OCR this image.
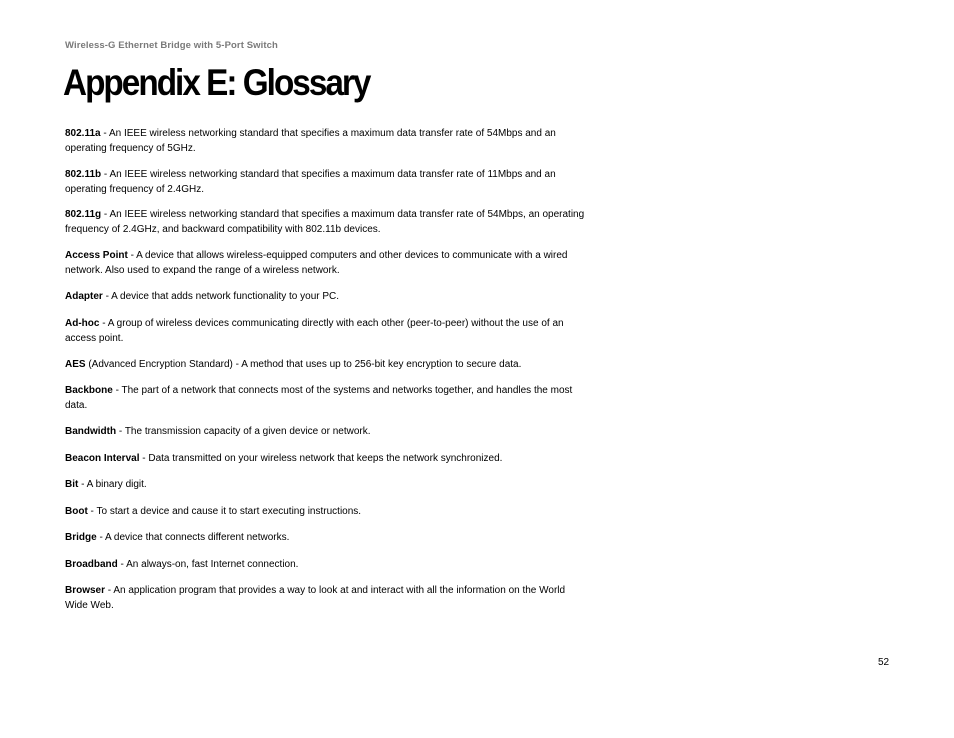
Wireless-G Ethernet Bridge with 5-Port Switch
Appendix E: Glossary

802.11a - An IEEE wireless networking standard that specifies a maximum data transfer rate of 54Mbps and an operating frequency of 5GHz.

802.11b - An IEEE wireless networking standard that specifies a maximum data transfer rate of 11Mbps and an operating frequency of 2.4GHz.

802.11g - An IEEE wireless networking standard that specifies a maximum data transfer rate of 54Mbps, an operating frequency of 2.4GHz, and backward compatibility with 802.11b devices.

Access Point - A device that allows wireless-equipped computers and other devices to communicate with a wired network. Also used to expand the range of a wireless network.

Adapter - A device that adds network functionality to your PC.

Ad-hoc - A group of wireless devices communicating directly with each other (peer-to-peer) without the use of an access point.

AES (Advanced Encryption Standard) - A method that uses up to 256-bit key encryption to secure data.

Backbone - The part of a network that connects most of the systems and networks together, and handles the most data.

Bandwidth - The transmission capacity of a given device or network.

Beacon Interval - Data transmitted on your wireless network that keeps the network synchronized.

Bit - A binary digit.

Boot - To start a device and cause it to start executing instructions.

Bridge - A device that connects different networks.

Broadband - An always-on, fast Internet connection.

Browser - An application program that provides a way to look at and interact with all the information on the World Wide Web.

52
